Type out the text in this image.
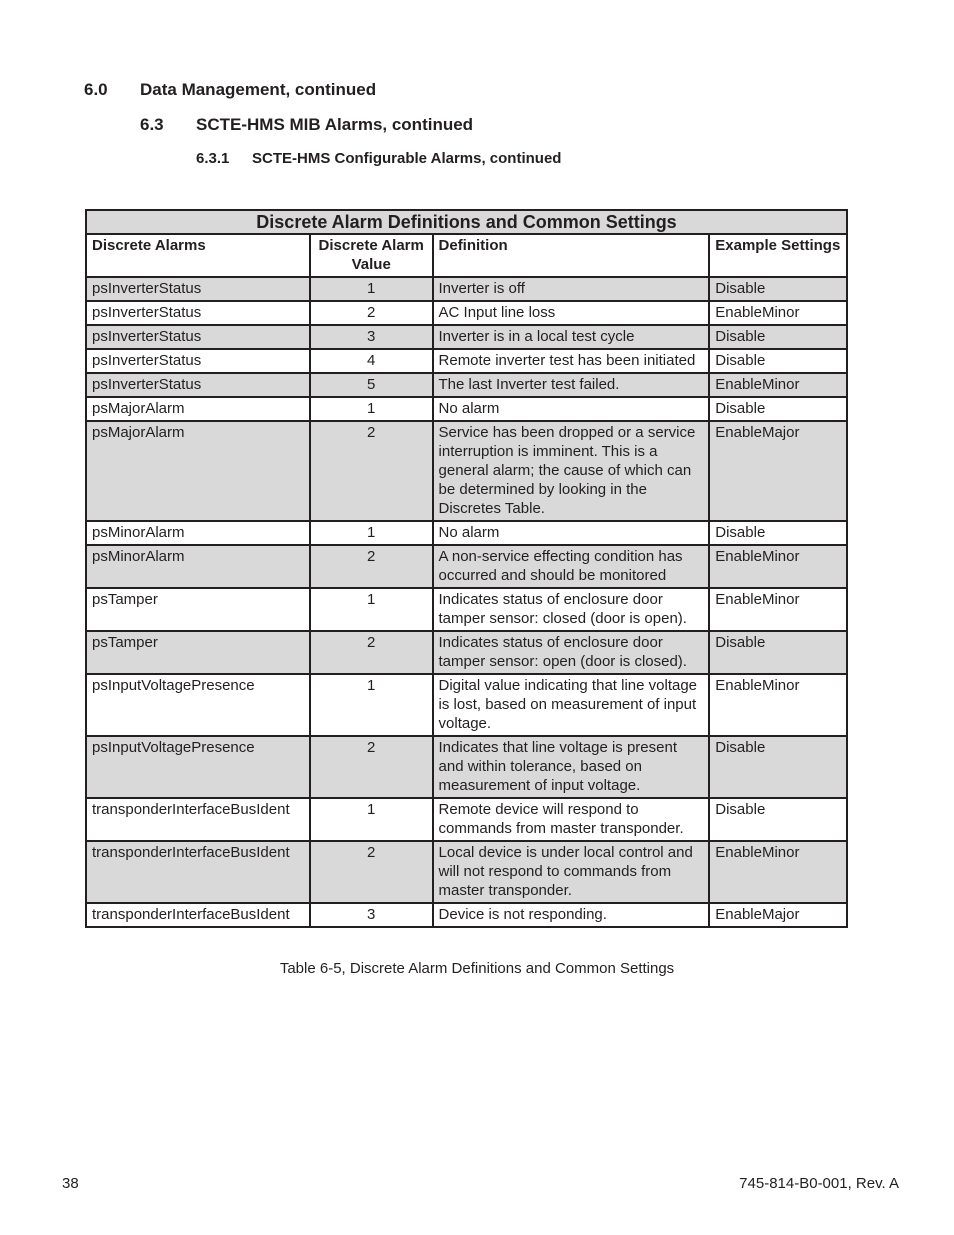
6.0 Data Management, continued
6.3 SCTE-HMS MIB Alarms, continued
6.3.1 SCTE-HMS Configurable Alarms, continued
Discrete Alarm Definitions and Common Settings			
Discrete Alarms	Discrete Alarm Value	Definition	Example Settings
psInverterStatus	1	Inverter is off	Disable
psInverterStatus	2	AC Input line loss	EnableMinor
psInverterStatus	3	Inverter is in a local test cycle	Disable
psInverterStatus	4	Remote inverter test has been initiated	Disable
psInverterStatus	5	The last Inverter test failed.	EnableMinor
psMajorAlarm	1	No alarm	Disable
psMajorAlarm	2	Service has been dropped or a service interruption is imminent. This is a general alarm; the cause of which can be determined by looking in the Discretes Table.	EnableMajor
psMinorAlarm	1	No alarm	Disable
psMinorAlarm	2	A non-service effecting condition has occurred and should be monitored	EnableMinor
psTamper	1	Indicates status of enclosure door tamper sensor: closed (door is open).	EnableMinor
psTamper	2	Indicates status of enclosure door tamper sensor: open (door is closed).	Disable
psInputVoltagePresence	1	Digital value indicating that line voltage is lost, based on measurement of input voltage.	EnableMinor
psInputVoltagePresence	2	Indicates that line voltage is present and within tolerance, based on measurement of input voltage.	Disable
transponderInterfaceBusIdent	1	Remote device will respond to commands from master transponder.	Disable
transponderInterfaceBusIdent	2	Local device is under local control and will not respond to commands from master transponder.	EnableMinor
transponderInterfaceBusIdent	3	Device is not responding.	EnableMajor
Table 6-5, Discrete Alarm Definitions and Common Settings
38	745-814-B0-001, Rev. A
